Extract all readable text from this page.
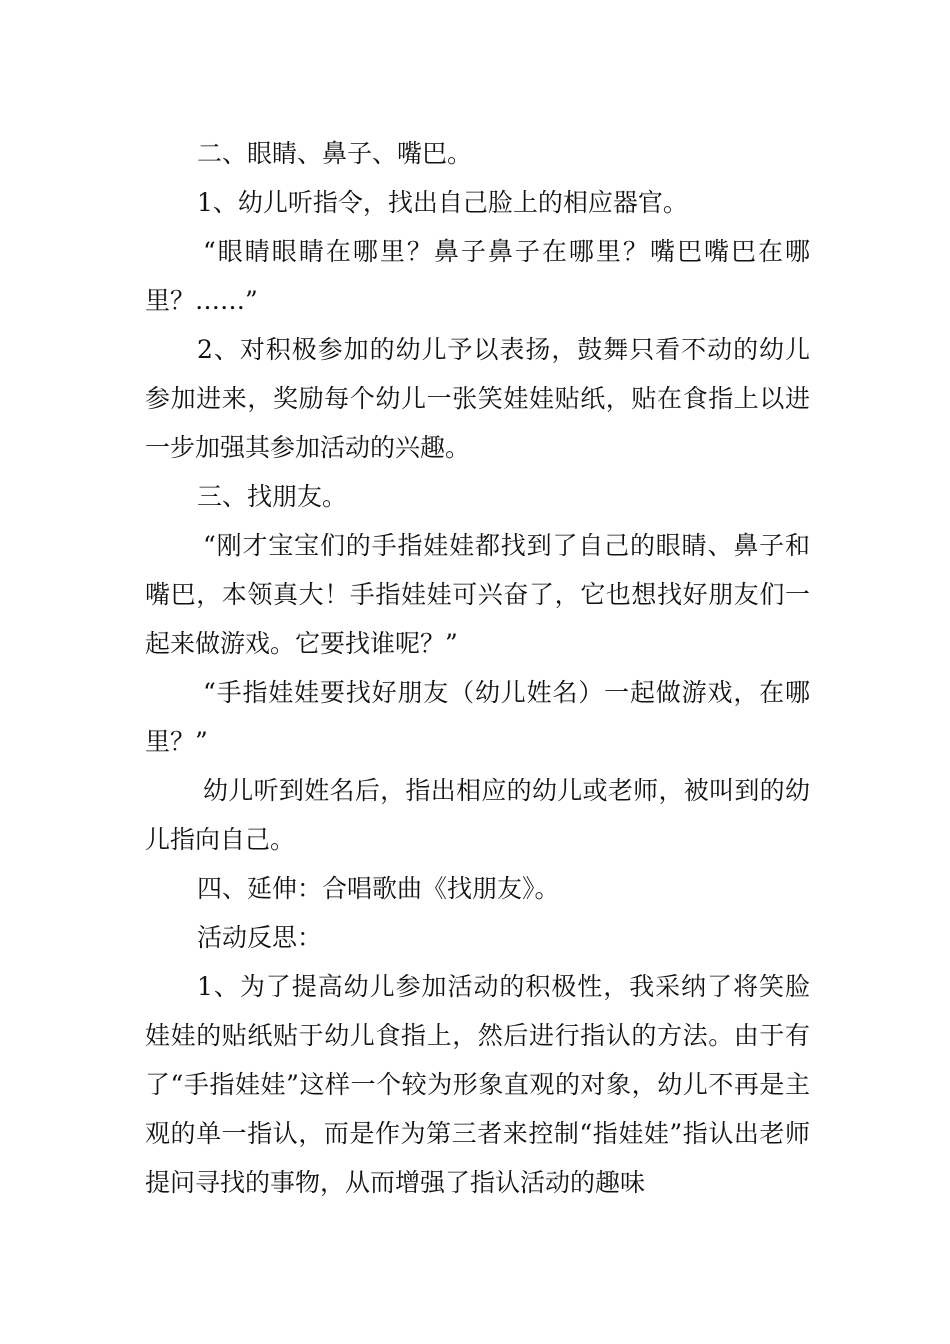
二、眼睛、鼻子、嘴巴。

1、幼儿听指令，找出自己脸上的相应器官。

“眼睛眼睛在哪里？鼻子鼻子在哪里？嘴巴嘴巴在哪里？……”

2、对积极参加的幼儿予以表扬，鼓舞只看不动的幼儿参加进来，奖励每个幼儿一张笑娃娃贴纸，贴在食指上以进一步加强其参加活动的兴趣。

三、找朋友。

“刚才宝宝们的手指娃娃都找到了自己的眼睛、鼻子和嘴巴，本领真大！手指娃娃可兴奋了，它也想找好朋友们一起来做游戏。它要找谁呢？”

“手指娃娃要找好朋友（幼儿姓名）一起做游戏，在哪里？”

幼儿听到姓名后，指出相应的幼儿或老师，被叫到的幼儿指向自己。

四、延伸：合唱歌曲《找朋友》。

活动反思：

1、为了提高幼儿参加活动的积极性，我采纳了将笑脸娃娃的贴纸贴于幼儿食指上，然后进行指认的方法。由于有了“手指娃娃”这样一个较为形象直观的对象，幼儿不再是主观的单一指认，而是作为第三者来控制“指娃娃”指认出老师提问寻找的事物，从而增强了指认活动的趣味
